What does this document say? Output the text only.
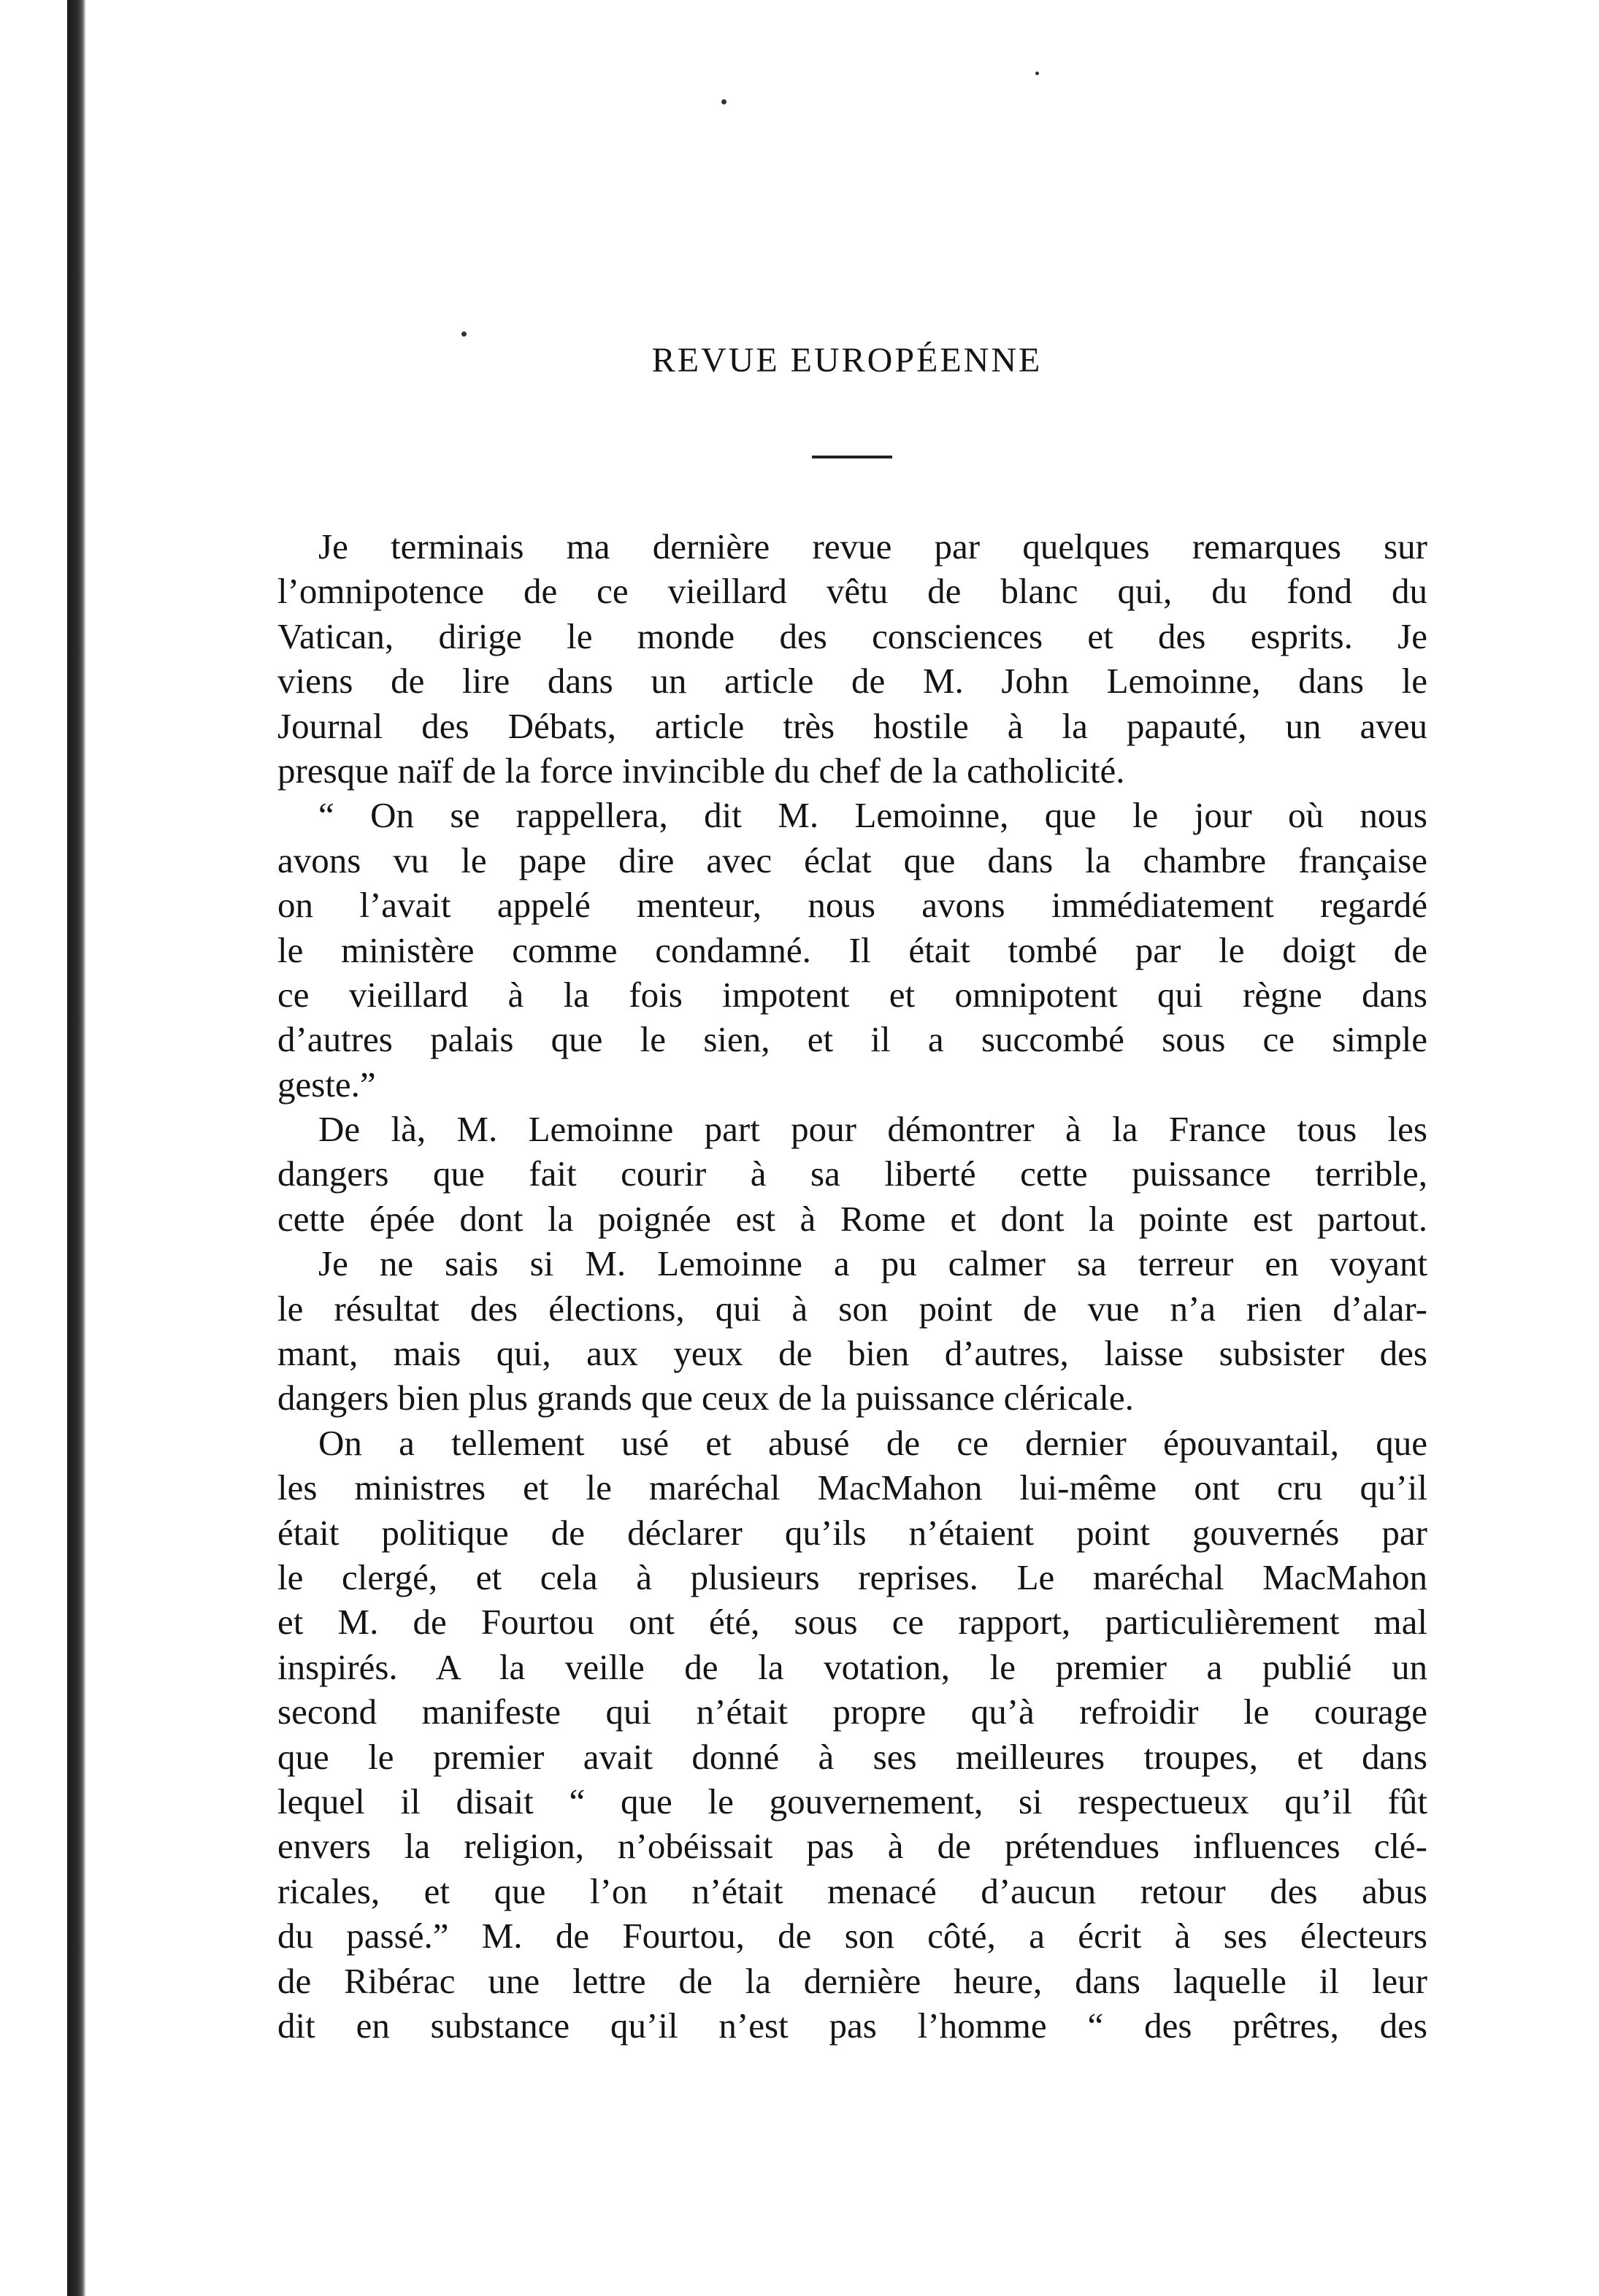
REVUE EUROPÉENNE
Je terminais ma dernière revue par quelques remarques sur
l’omnipotence de ce vieillard vêtu de blanc qui, du fond du
Vatican, dirige le monde des consciences et des esprits. Je
viens de lire dans un article de M. John Lemoinne, dans le
Journal des Débats, article très hostile à la papauté, un aveu
presque naïf de la force invincible du chef de la catholicité.
“ On se rappellera, dit M. Lemoinne, que le jour où nous
avons vu le pape dire avec éclat que dans la chambre française
on l’avait appelé menteur, nous avons immédiatement regardé
le ministère comme condamné. Il était tombé par le doigt de
ce vieillard à la fois impotent et omnipotent qui règne dans
d’autres palais que le sien, et il a succombé sous ce simple
geste.”
De là, M. Lemoinne part pour démontrer à la France tous les
dangers que fait courir à sa liberté cette puissance terrible,
cette épée dont la poignée est à Rome et dont la pointe est partout.
Je ne sais si M. Lemoinne a pu calmer sa terreur en voyant
le résultat des élections, qui à son point de vue n’a rien d’alar-
mant, mais qui, aux yeux de bien d’autres, laisse subsister des
dangers bien plus grands que ceux de la puissance cléricale.
On a tellement usé et abusé de ce dernier épouvantail, que
les ministres et le maréchal MacMahon lui-même ont cru qu’il
était politique de déclarer qu’ils n’étaient point gouvernés par
le clergé, et cela à plusieurs reprises. Le maréchal MacMahon
et M. de Fourtou ont été, sous ce rapport, particulièrement mal
inspirés. A la veille de la votation, le premier a publié un
second manifeste qui n’était propre qu’à refroidir le courage
que le premier avait donné à ses meilleures troupes, et dans
lequel il disait “ que le gouvernement, si respectueux qu’il fût
envers la religion, n’obéissait pas à de prétendues influences clé-
ricales, et que l’on n’était menacé d’aucun retour des abus
du passé.” M. de Fourtou, de son côté, a écrit à ses électeurs
de Ribérac une lettre de la dernière heure, dans laquelle il leur
dit en substance qu’il n’est pas l’homme “ des prêtres, des
